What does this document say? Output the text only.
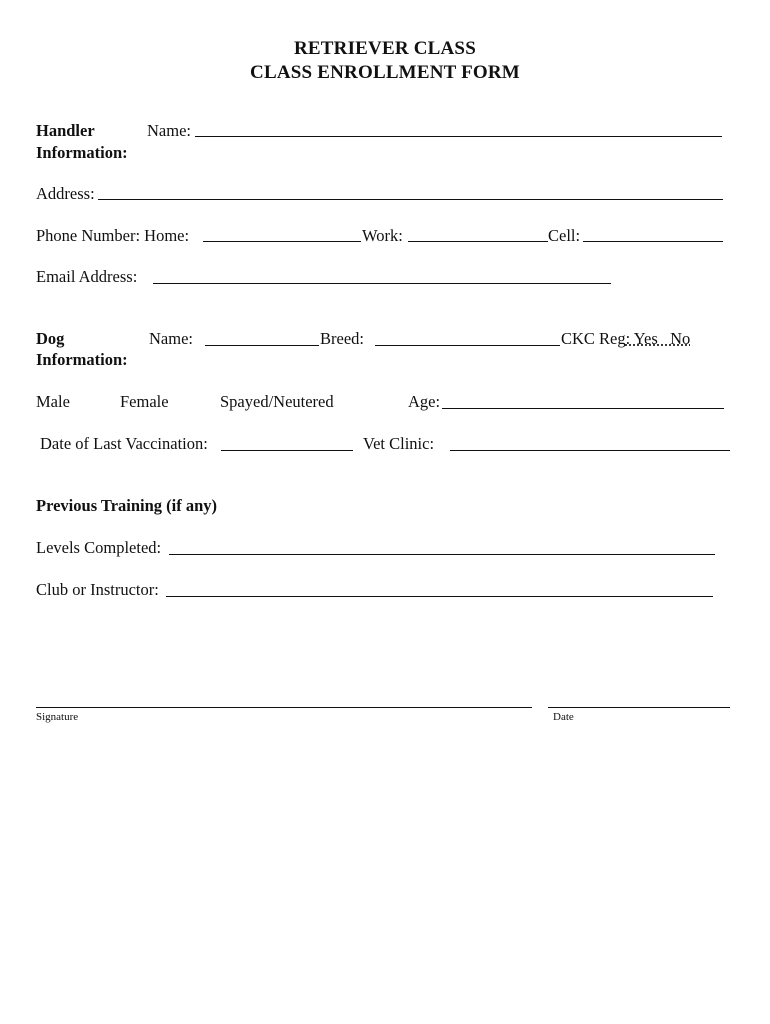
RETRIEVER CLASS
CLASS ENROLLMENT FORM
Handler
Information:
Name:
Address:
Phone Number: Home:	Work:	Cell:
Email Address:
Dog
Information:
Name:	Breed:	CKC Reg: Yes   No
Male	Female	Spayed/Neutered	Age:
Date of Last Vaccination:	Vet Clinic:
Previous Training (if any)
Levels Completed:
Club or Instructor:
Signature	Date
